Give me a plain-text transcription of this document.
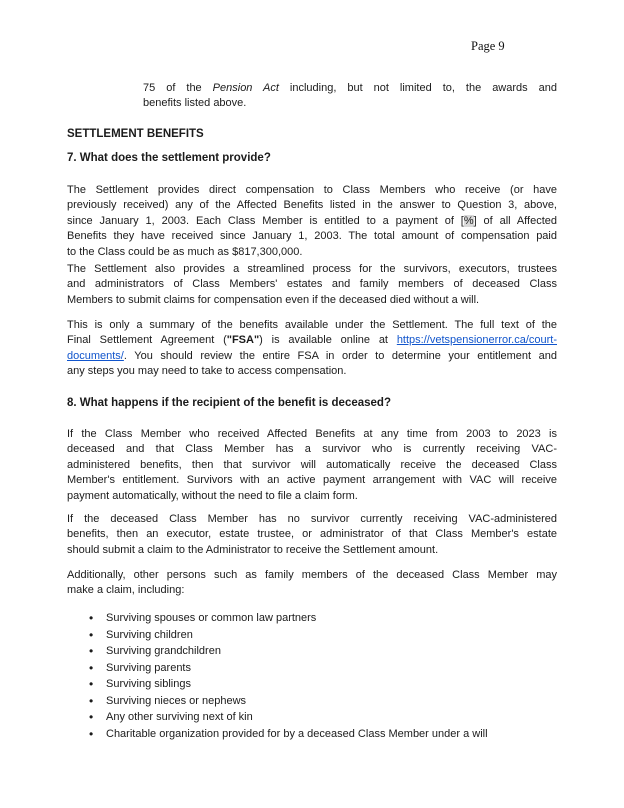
Page 9
75 of the Pension Act including, but not limited to, the awards and
benefits listed above.
SETTLEMENT BENEFITS
7. What does the settlement provide?
The Settlement provides direct compensation to Class Members who receive (or have
previously received) any of the Affected Benefits listed in the answer to Question 3, above,
since January 1, 2003. Each Class Member is entitled to a payment of [%] of all Affected
Benefits they have received since January 1, 2003. The total amount of compensation paid
to the Class could be as much as $817,300,000.
The Settlement also provides a streamlined process for the survivors, executors, trustees
and administrators of Class Members' estates and family members of deceased Class
Members to submit claims for compensation even if the deceased died without a will.
This is only a summary of the benefits available under the Settlement. The full text of the
Final Settlement Agreement ("FSA") is available online at https://vetspensionerror.ca/court-
documents/. You should review the entire FSA in order to determine your entitlement and
any steps you may need to take to access compensation.
8. What happens if the recipient of the benefit is deceased?
If the Class Member who received Affected Benefits at any time from 2003 to 2023 is
deceased and that Class Member has a survivor who is currently receiving VAC-
administered benefits, then that survivor will automatically receive the deceased Class
Member's entitlement. Survivors with an active payment arrangement with VAC will receive
payment automatically, without the need to file a claim form.
If the deceased Class Member has no survivor currently receiving VAC-administered
benefits, then an executor, estate trustee, or administrator of that Class Member's estate
should submit a claim to the Administrator to receive the Settlement amount.
Additionally, other persons such as family members of the deceased Class Member may
make a claim, including:
• Surviving spouses or common law partners
• Surviving children
• Surviving grandchildren
• Surviving parents
• Surviving siblings
• Surviving nieces or nephews
• Any other surviving next of kin
• Charitable organization provided for by a deceased Class Member under a will
